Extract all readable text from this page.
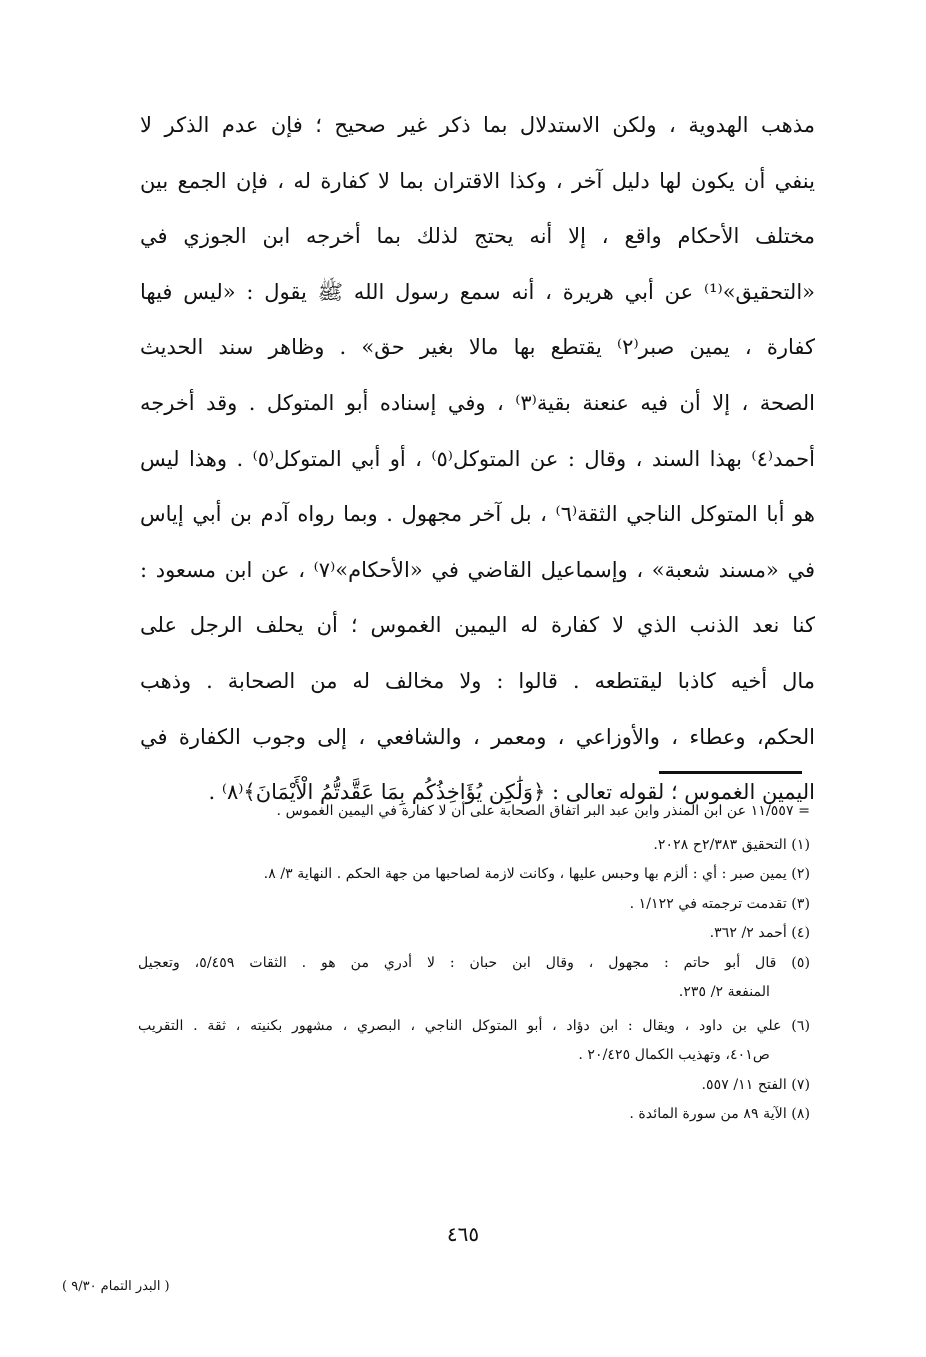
مذهب الهدوية ، ولكن الاستدلال بما ذكر غير صحيح ؛ فإن عدم الذكر لا
ينفي أن يكون لها دليل آخر ، وكذا الاقتران بما لا كفارة له ، فإن الجمع بين
مختلف الأحكام واقع ، إلا أنه يحتج لذلك بما أخرجه ابن الجوزي في
«التحقيق»⁽¹⁾ عن أبي هريرة ، أنه سمع رسول الله ﷺ يقول : «ليس فيها
كفارة ، يمين صبر⁽٢⁾ يقتطع بها مالا بغير حق» . وظاهر سند الحديث
الصحة ، إلا أن فيه عنعنة بقية⁽٣⁾ ، وفي إسناده أبو المتوكل . وقد أخرجه
أحمد⁽٤⁾ بهذا السند ، وقال : عن المتوكل⁽٥⁾ ، أو أبي المتوكل⁽٥⁾ . وهذا ليس
هو أبا المتوكل الناجي الثقة⁽٦⁾ ، بل آخر مجهول . وبما رواه آدم بن أبي إياس
في «مسند شعبة» ، وإسماعيل القاضي في «الأحكام»⁽٧⁾ ، عن ابن مسعود :
كنا نعد الذنب الذي لا كفارة له اليمين الغموس ؛ أن يحلف الرجل على
مال أخيه كاذبا ليقتطعه . قالوا : ولا مخالف له من الصحابة . وذهب
الحكم، وعطاء ، والأوزاعي ، ومعمر ، والشافعي ، إلى وجوب الكفارة في
اليمين الغموس ؛ لقوله تعالى : ﴿وَلَٰكِن يُؤَاخِذُكُم بِمَا عَقَّدتُّمُ الْأَيْمَانَ﴾⁽٨⁾ .
= ١١/٥٥٧ عن ابن المنذر وابن عبد البر اتفاق الصحابة على أن لا كفارة في اليمين الغموس .
(١) التحقيق ٢/٣٨٣ح ٢٠٢٨.
(٢) يمين صبر : أي : ألزم بها وحبس عليها ، وكانت لازمة لصاحبها من جهة الحكم . النهاية ٣/ ٨.
(٣) تقدمت ترجمته في ١/١٢٢ .
(٤) أحمد ٢/ ٣٦٢.
(٥) قال أبو حاتم : مجهول ، وقال ابن حبان : لا أدري من هو . الثقات ٥/٤٥٩، وتعجيل
المنفعة ٢/ ٢٣٥.
(٦) علي بن داود ، ويقال : ابن دؤاد ، أبو المتوكل الناجي ، البصري ، مشهور بكنيته ، ثقة . التقريب
ص٤٠١، وتهذيب الكمال ٢٠/٤٢٥ .
(٧) الفتح ١١/ ٥٥٧.
(٨) الآية ٨٩ من سورة المائدة .
٤٦٥
( البدر التمام ٩/٣٠ )
